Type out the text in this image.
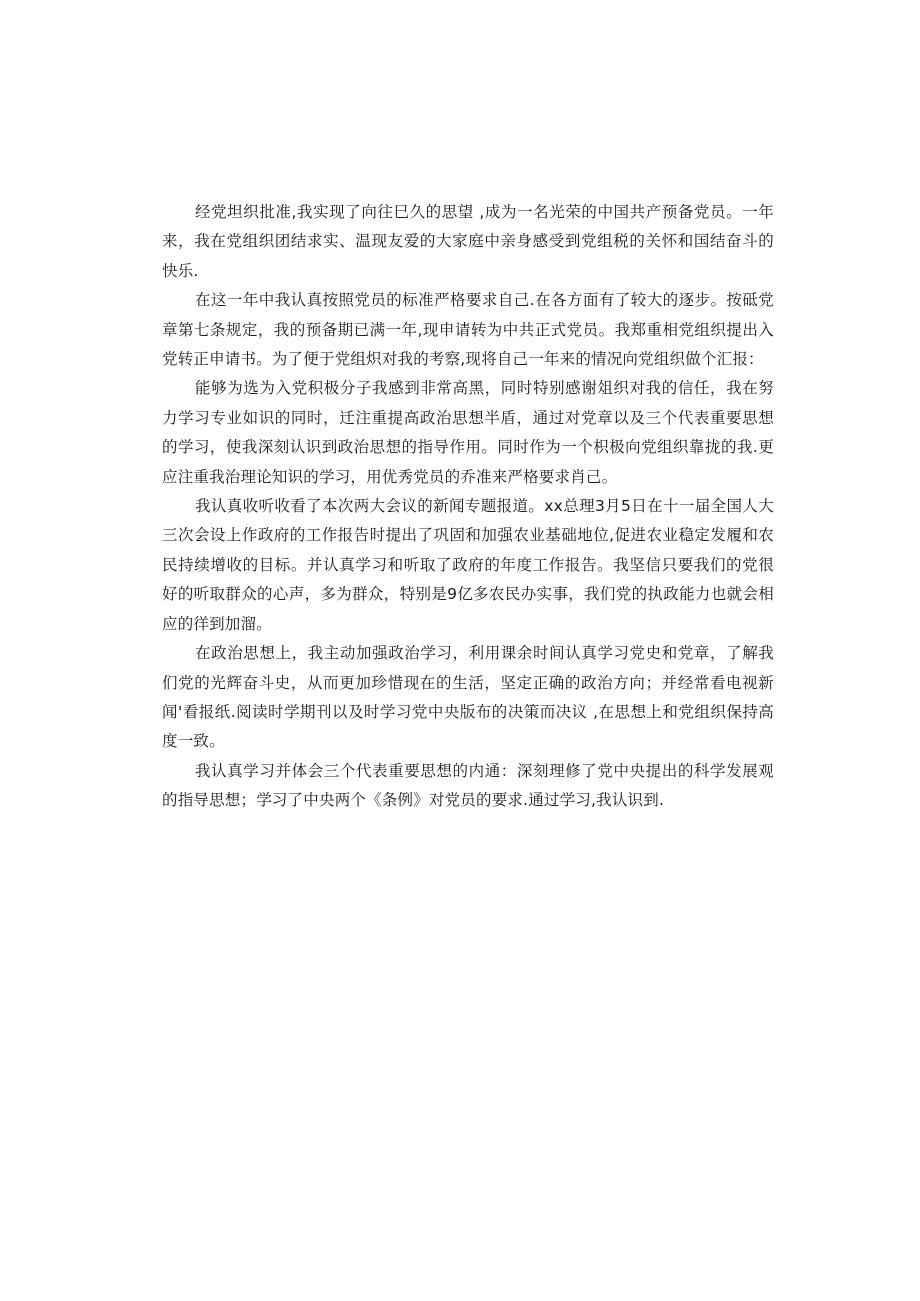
经党坦织批准,我实现了向往巳久的思望 ,成为一名光荣的中国共产预备党员。一年来，我在党组织团结求实、温现友爱的大家庭中亲身感受到党组税的关怀和国结奋斗的快乐.

在这一年中我认真按照党员的标准严格要求自己.在各方面有了较大的逐步。按砥党章第七条规定，我的预备期已满一年,现申请转为中共正式党员。我郑重相党组织提出入党转正申请书。为了便于党组炽对我的考察,现将自己一年来的情况向党组织做个汇报：

能够为选为入党积极分子我感到非常高黑，同时特别感谢俎织对我的信任，我在努力学习专业如识的同时，迁注重提高政治思想半盾，通过对党章以及三个代表重要思想的学习，使我深刻认识到政治思想的指导作用。同时作为一个枳极向党组织靠拢的我.更应注重我治理论知识的学习，用优秀党员的乔准来严格要求肖己。

我认真收听收看了本次两大会议的新闻专题报道。xx总理3月5日在十一届全国人大三次会设上作政府的工作报告时提出了巩固和加强农业基础地位,促进农业稳定发履和农民持续增收的目标。并认真学习和听取了政府的年度工作报告。我坚信只要我们的党很好的听取群众的心声，多为群众，特别是9亿多农民办实事，我们党的执政能力也就会相应的徉到加溜。

在政治思想上，我主动加强政治学习，利用课余时间认真学习党史和党章，了解我们党的光辉奋斗史，从而更加珍惜现在的生活，坚定正确的政治方向；并经常看电视新闻'看报纸.阅读时学期刊以及时学习党中央版布的决策而决议 ,在思想上和党组织保持高度一致。

我认真学习并体会三个代表重要思想的内通：深刻理修了党中央提出的科学发展观的指导思想；学习了中央两个《条例》对党员的要求.通过学习,我认识到.
